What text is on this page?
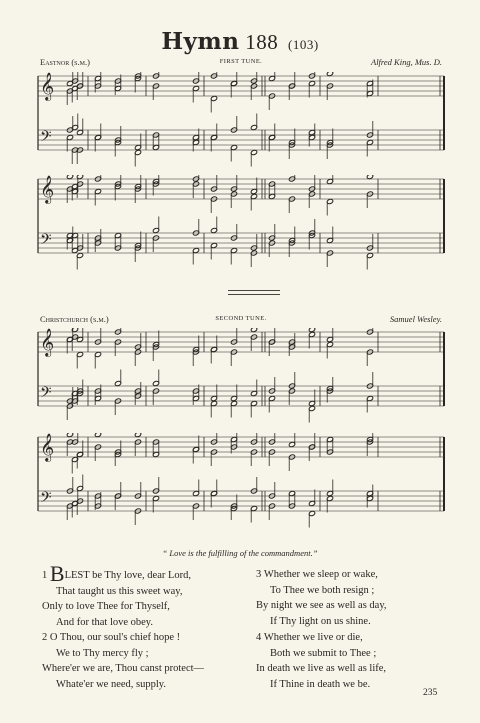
Hymn 188 (103)
Eastnor (s.m.)	FIRST TUNE.	Alfred King, Mus. D.
𝄞
𝄢
𝄞
𝄢
Christchurch (s.m.)	SECOND TUNE.	Samuel Wesley.
𝄞
𝄢
𝄞
𝄢
“ Love is the fulfilling of the commandment.”
1 BLEST be Thy love, dear Lord,
That taught us this sweet way,
Only to love Thee for Thyself,
And for that love obey.
2 O Thou, our soul's chief hope !
We to Thy mercy fly ;
Where'er we are, Thou canst protect—
Whate'er we need, supply.
3 Whether we sleep or wake,
To Thee we both resign ;
By night we see as well as day,
If Thy light on us shine.
4 Whether we live or die,
Both we submit to Thee ;
In death we live as well as life,
If Thine in death we be.
235
